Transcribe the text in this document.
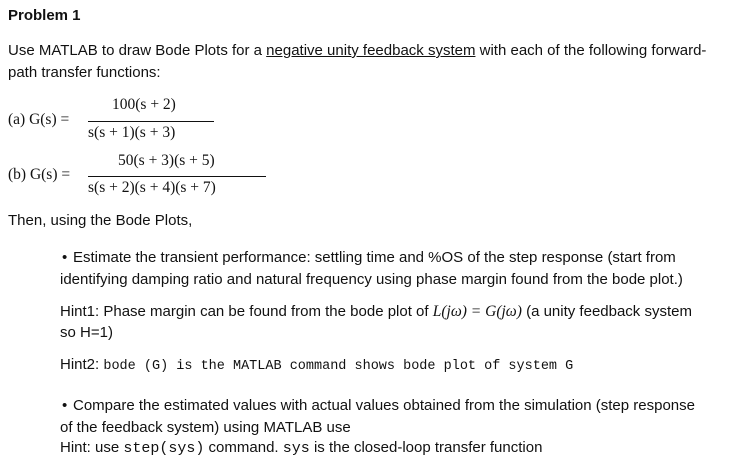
Problem 1
Use MATLAB to draw Bode Plots for a negative unity feedback system with each of the following forward-
path transfer functions:
(a) G(s) =
100(s + 2)
s(s + 1)(s + 3)
(b) G(s) =
50(s + 3)(s + 5)
s(s + 2)(s + 4)(s + 7)
Then, using the Bode Plots,
• Estimate the transient performance: settling time and %OS of the step response (start from
identifying damping ratio and natural frequency using phase margin found from the bode plot.)
Hint1: Phase margin can be found from the bode plot of L(jω) = G(jω) (a unity feedback system
so H=1)
Hint2: bode (G) is the MATLAB command shows bode plot of system G
• Compare the estimated values with actual values obtained from the simulation (step response
of the feedback system) using MATLAB use
Hint: use step(sys) command. sys is the closed-loop transfer function
